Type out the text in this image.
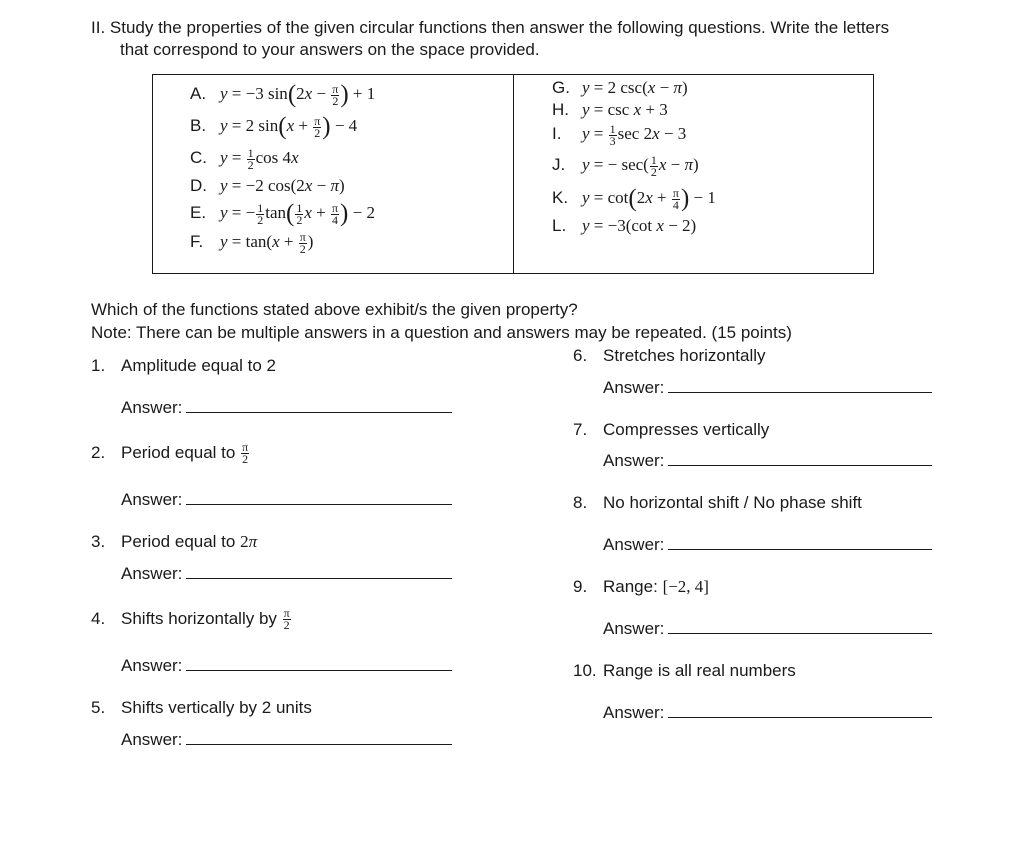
II. Study the properties of the given circular functions then answer the following questions. Write the letters
that correspond to your answers on the space provided.
A. y = −3 $\sin(2x - \frac{\pi}{2}$ ) + 1
B. y = 2 $\sin(x + \frac{\pi}{2}$ ) − 4
C. $y = \frac{1}{2}$ cos 4x
D. y = −2 cos(2x − π)
E. y = − $\frac{1}{2} \tan( \frac{1}{2}$ $x + \frac{\pi}{4}$ ) − 2
F. $y = \tan(x + \frac{\pi}{2}$ )
G. y = 2 csc(x − π)
H. y = csc x + 3
I. $y = \frac{1}{3}$ sec 2x − 3
J. y = − $\sec( \frac{1}{2}$ x − π)
K. $y = \cot(2x + \frac{\pi}{4}$ ) − 1
L. y = −3(cot x − 2)
Which of the functions stated above exhibit/s the given property?
Note: There can be multiple answers in a question and answers may be repeated. (15 points)
1. Amplitude equal to 2
Answer:
2. Period equal to $\frac{\pi}{2}$
Answer:
3. Period equal to 2π
Answer:
4. Shifts horizontally by $\frac{\pi}{2}$
Answer:
5. Shifts vertically by 2 units
Answer:
6. Stretches horizontally
Answer:
7. Compresses vertically
Answer:
8. No horizontal shift / No phase shift
Answer:
9. Range: [−2, 4]
Answer:
10. Range is all real numbers
Answer:
